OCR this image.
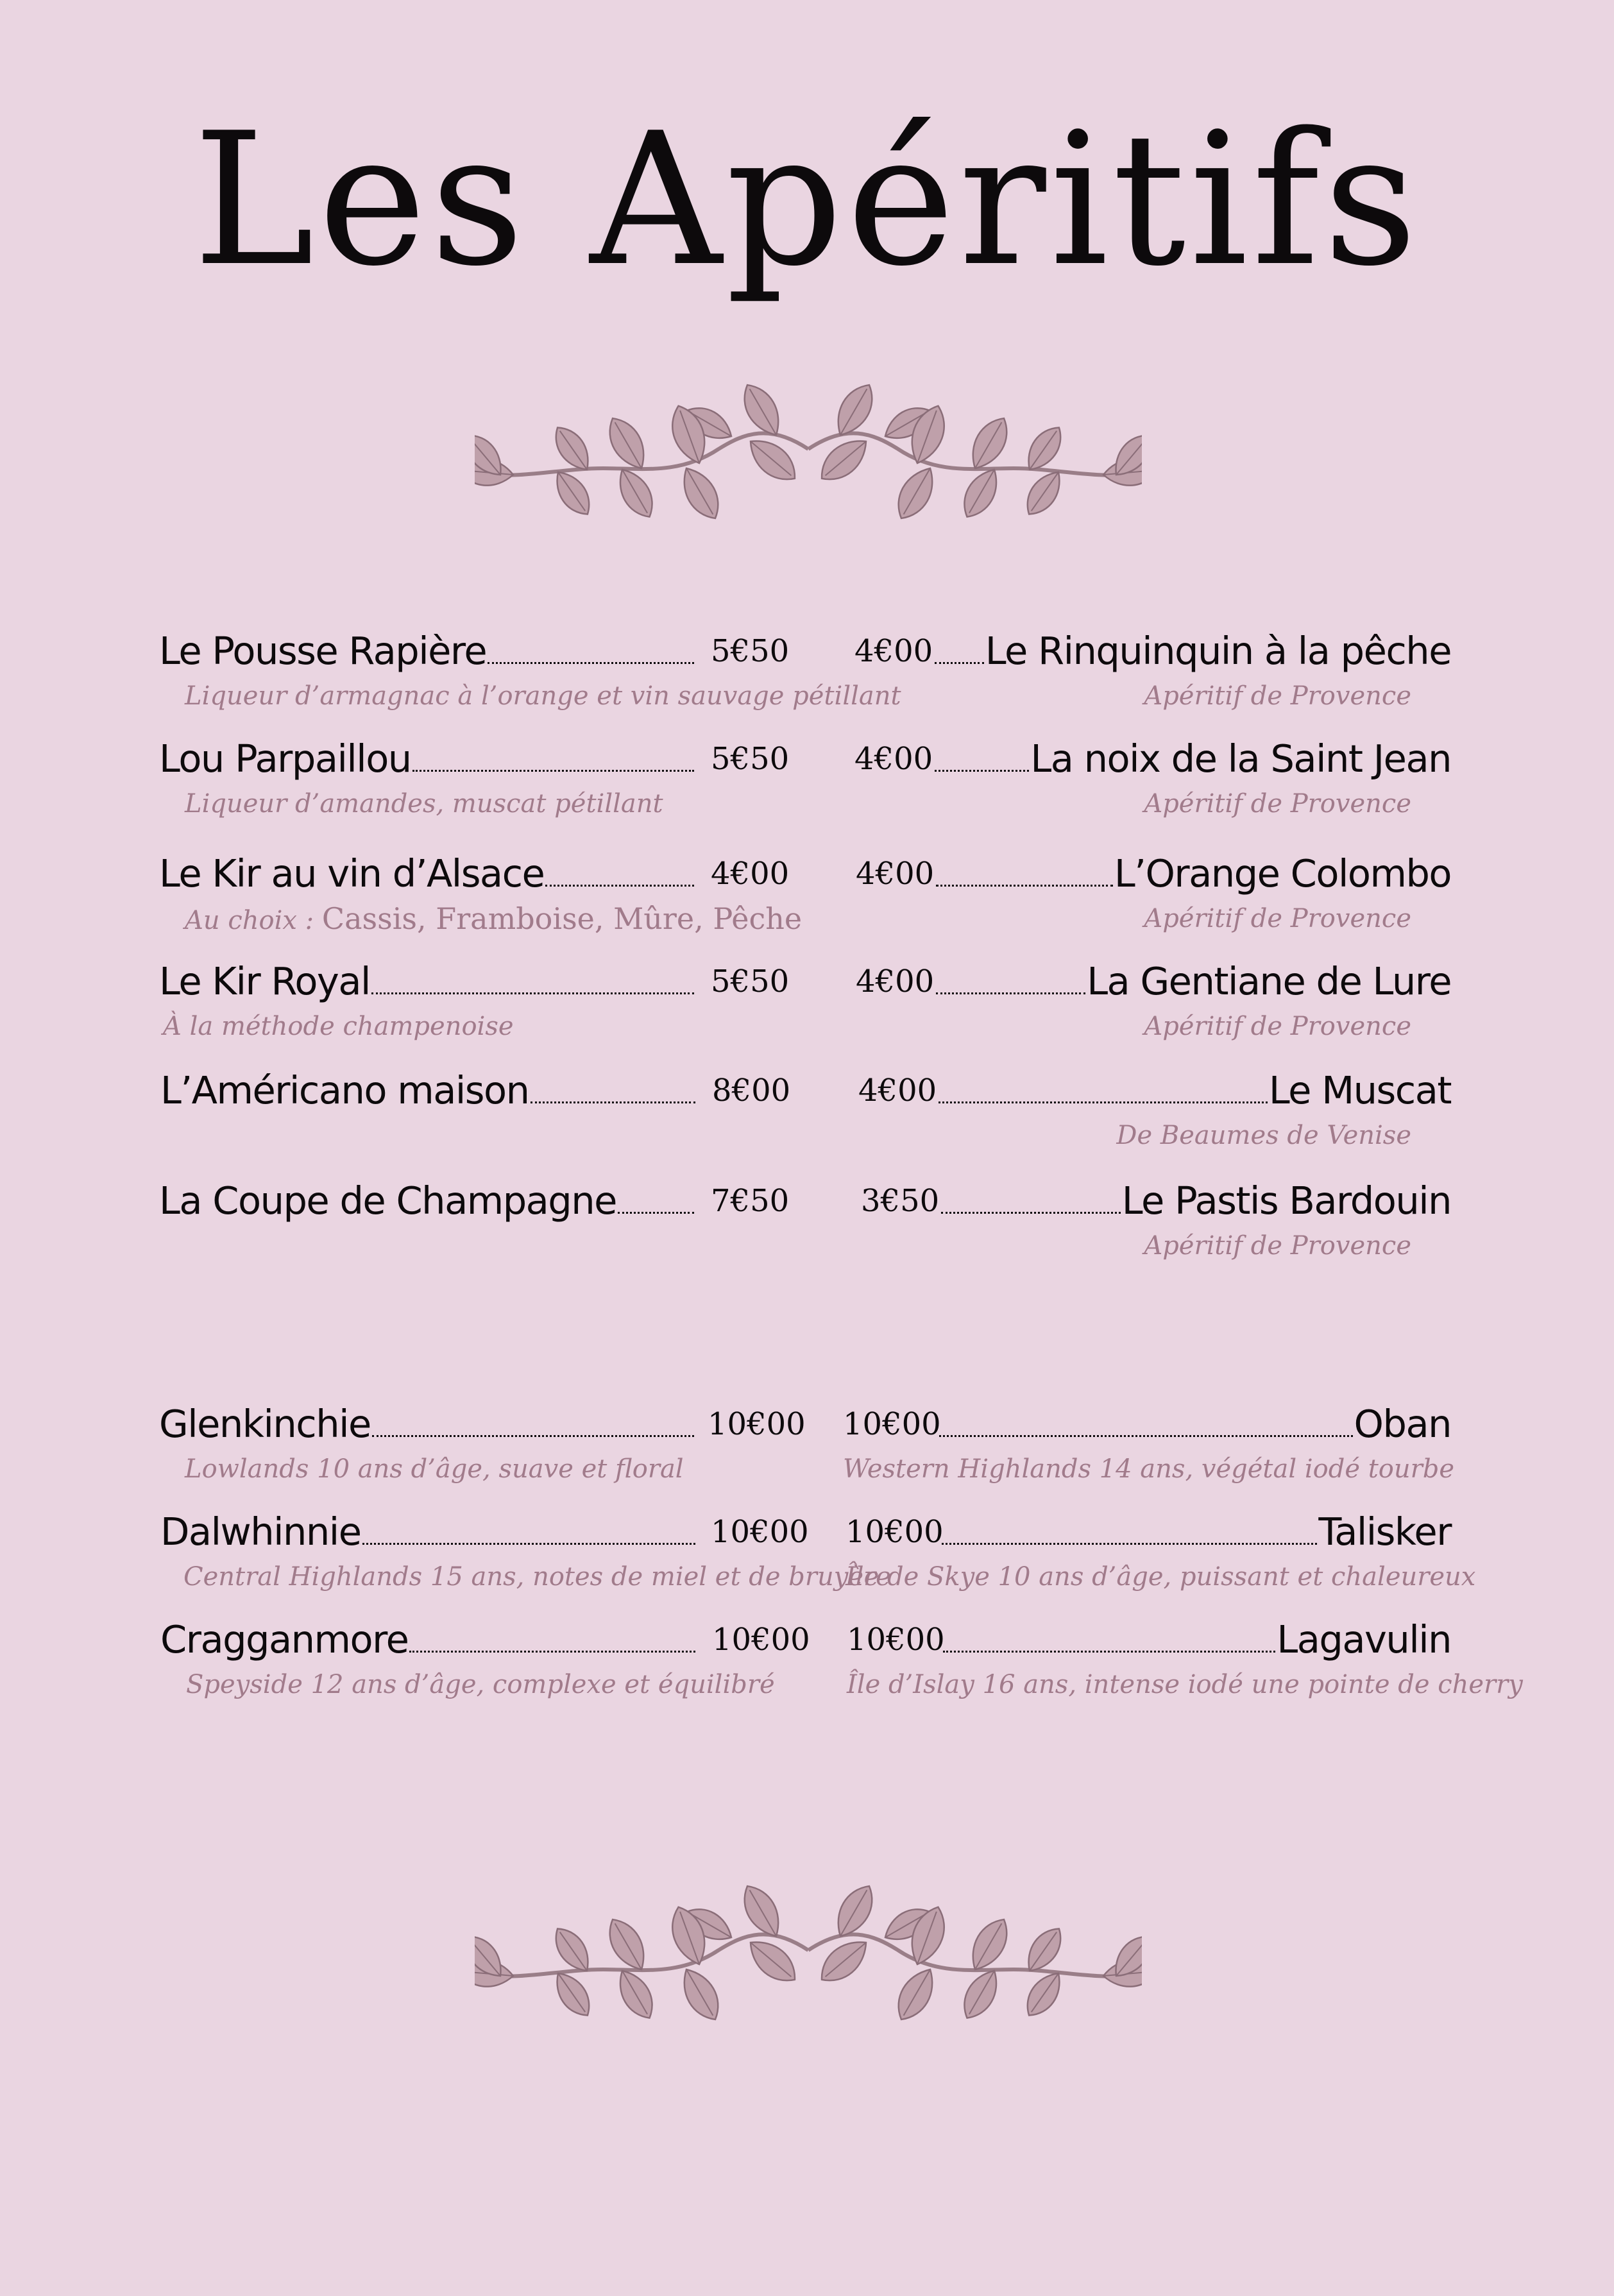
Les Apéritifs
Le Pousse Rapière	5€50
Liqueur d’armagnac à l’orange et vin sauvage pétillant
Lou Parpaillou	5€50
Liqueur d’amandes, muscat pétillant
Le Kir au vin d’Alsace	4€00
Au choix : Cassis, Framboise, Mûre, Pêche
Le Kir Royal	5€50
À la méthode champenoise
L’Américano maison	8€00
La Coupe de Champagne	7€50
4€00 Le Rinquinquin à la pêche
Apéritif de Provence
4€00	La noix de la Saint Jean
Apéritif de Provence
4€00	L’Orange Colombo
Apéritif de Provence
4€00	La Gentiane de Lure
Apéritif de Provence
4€00	Le Muscat
De Beaumes de Venise
3€50	Le Pastis Bardouin
Apéritif de Provence
Glenkinchie	10€00
Lowlands 10 ans d’âge, suave et floral
Dalwhinnie	10€00
Central Highlands 15 ans, notes de miel et de bruyère
Cragganmore	10€00
Speyside 12 ans d’âge, complexe et équilibré
10€00	Oban
Western Highlands 14 ans, végétal iodé tourbe
10€00	Talisker
Île de Skye 10 ans d’âge, puissant et chaleureux
10€00	Lagavulin
Île d’Islay 16 ans, intense iodé une pointe de cherry
